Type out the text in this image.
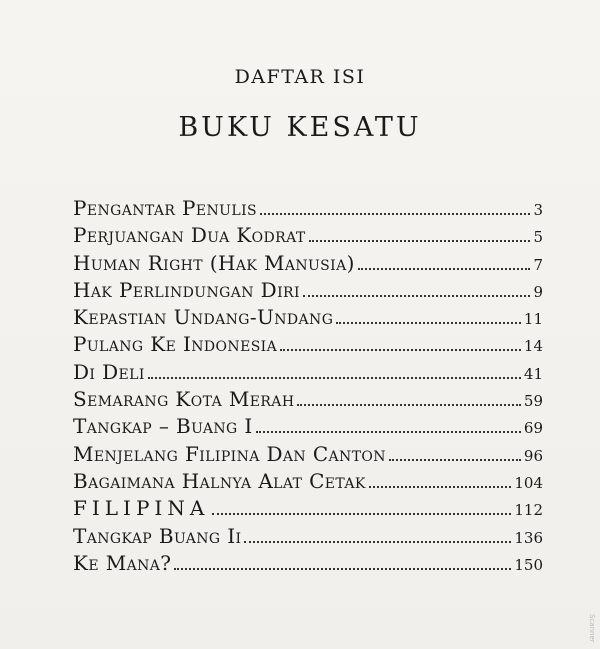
DAFTAR ISI
BUKU KESATU
Pengantar Penulis	3
Perjuangan Dua Kodrat	5
Human Right (Hak Manusia)	7
Hak Perlindungan Diri	9
Kepastian Undang-Undang	11
Pulang Ke Indonesia	14
Di Deli	41
Semarang Kota Merah	59
Tangkap – Buang I	69
Menjelang Filipina Dan Canton	96
Bagaimana Halnya Alat Cetak	104
FILIPINA	112
Tangkap Buang Ii	136
Ke Mana?	150
Scanner
